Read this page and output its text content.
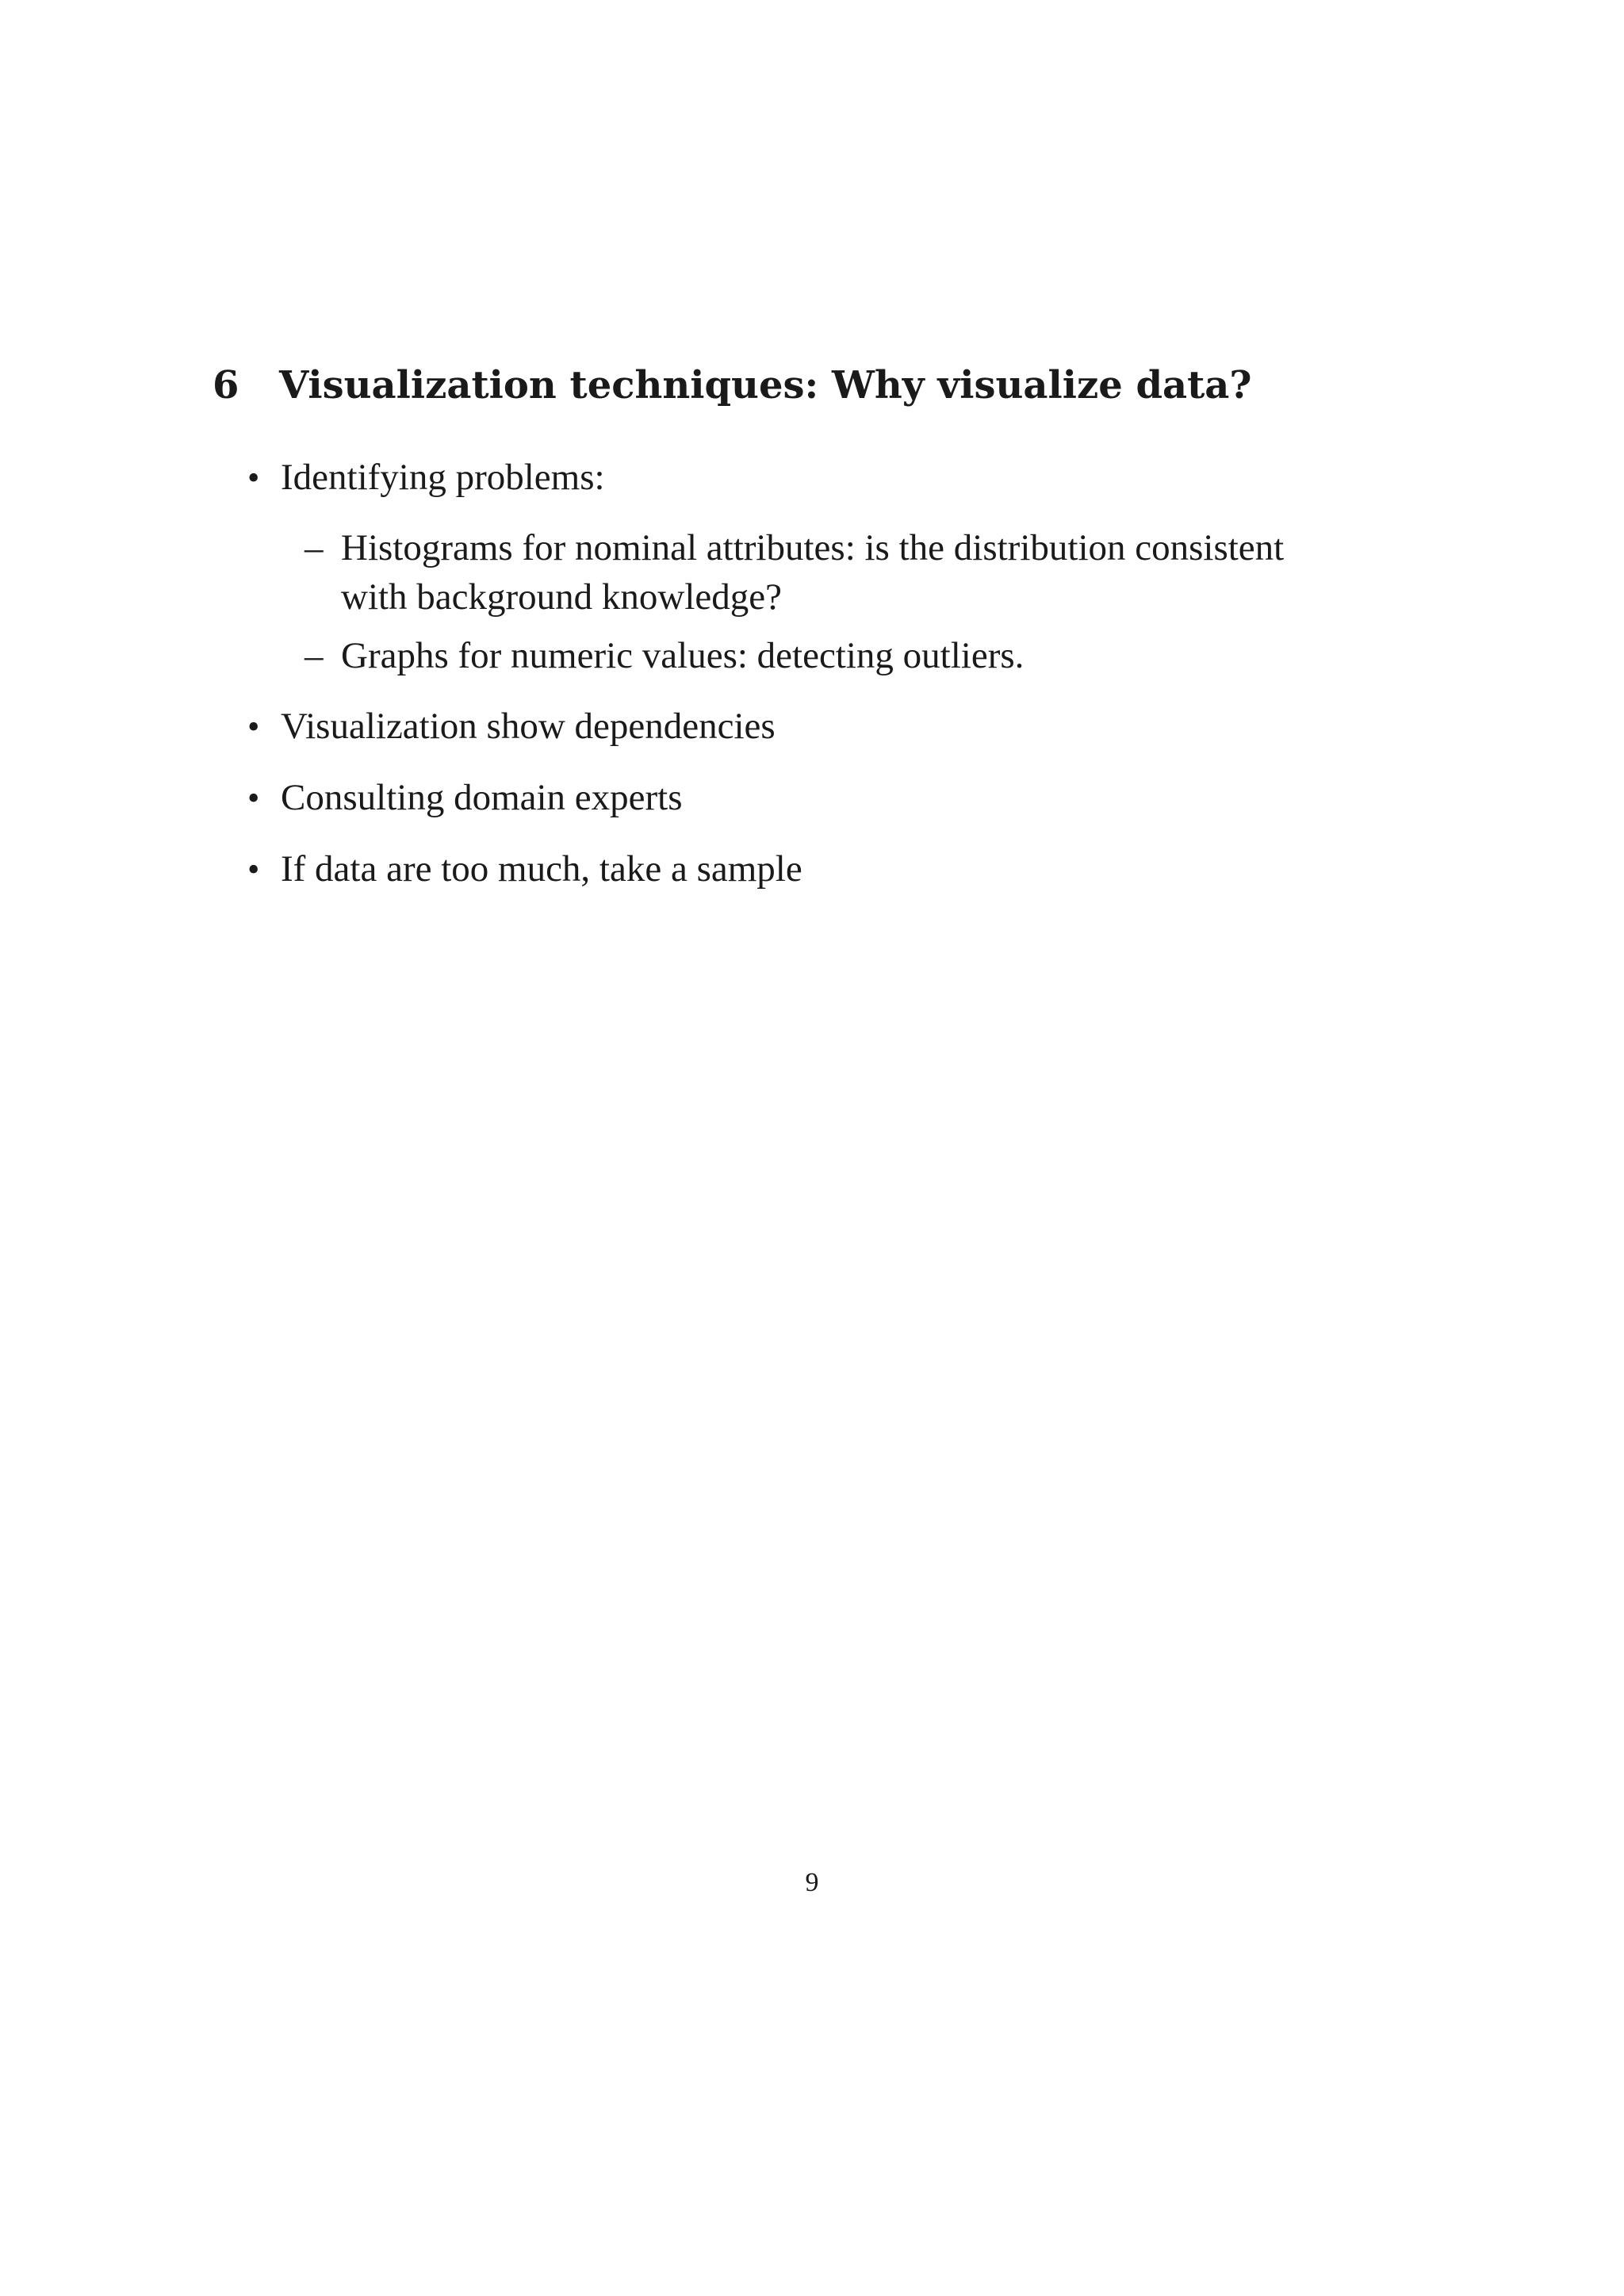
6 Visualization techniques: Why visualize data?
• Identifying problems:
– Histograms for nominal attributes: is the distribution consistent
with background knowledge?
– Graphs for numeric values: detecting outliers.
• Visualization show dependencies
• Consulting domain experts
• If data are too much, take a sample
9
